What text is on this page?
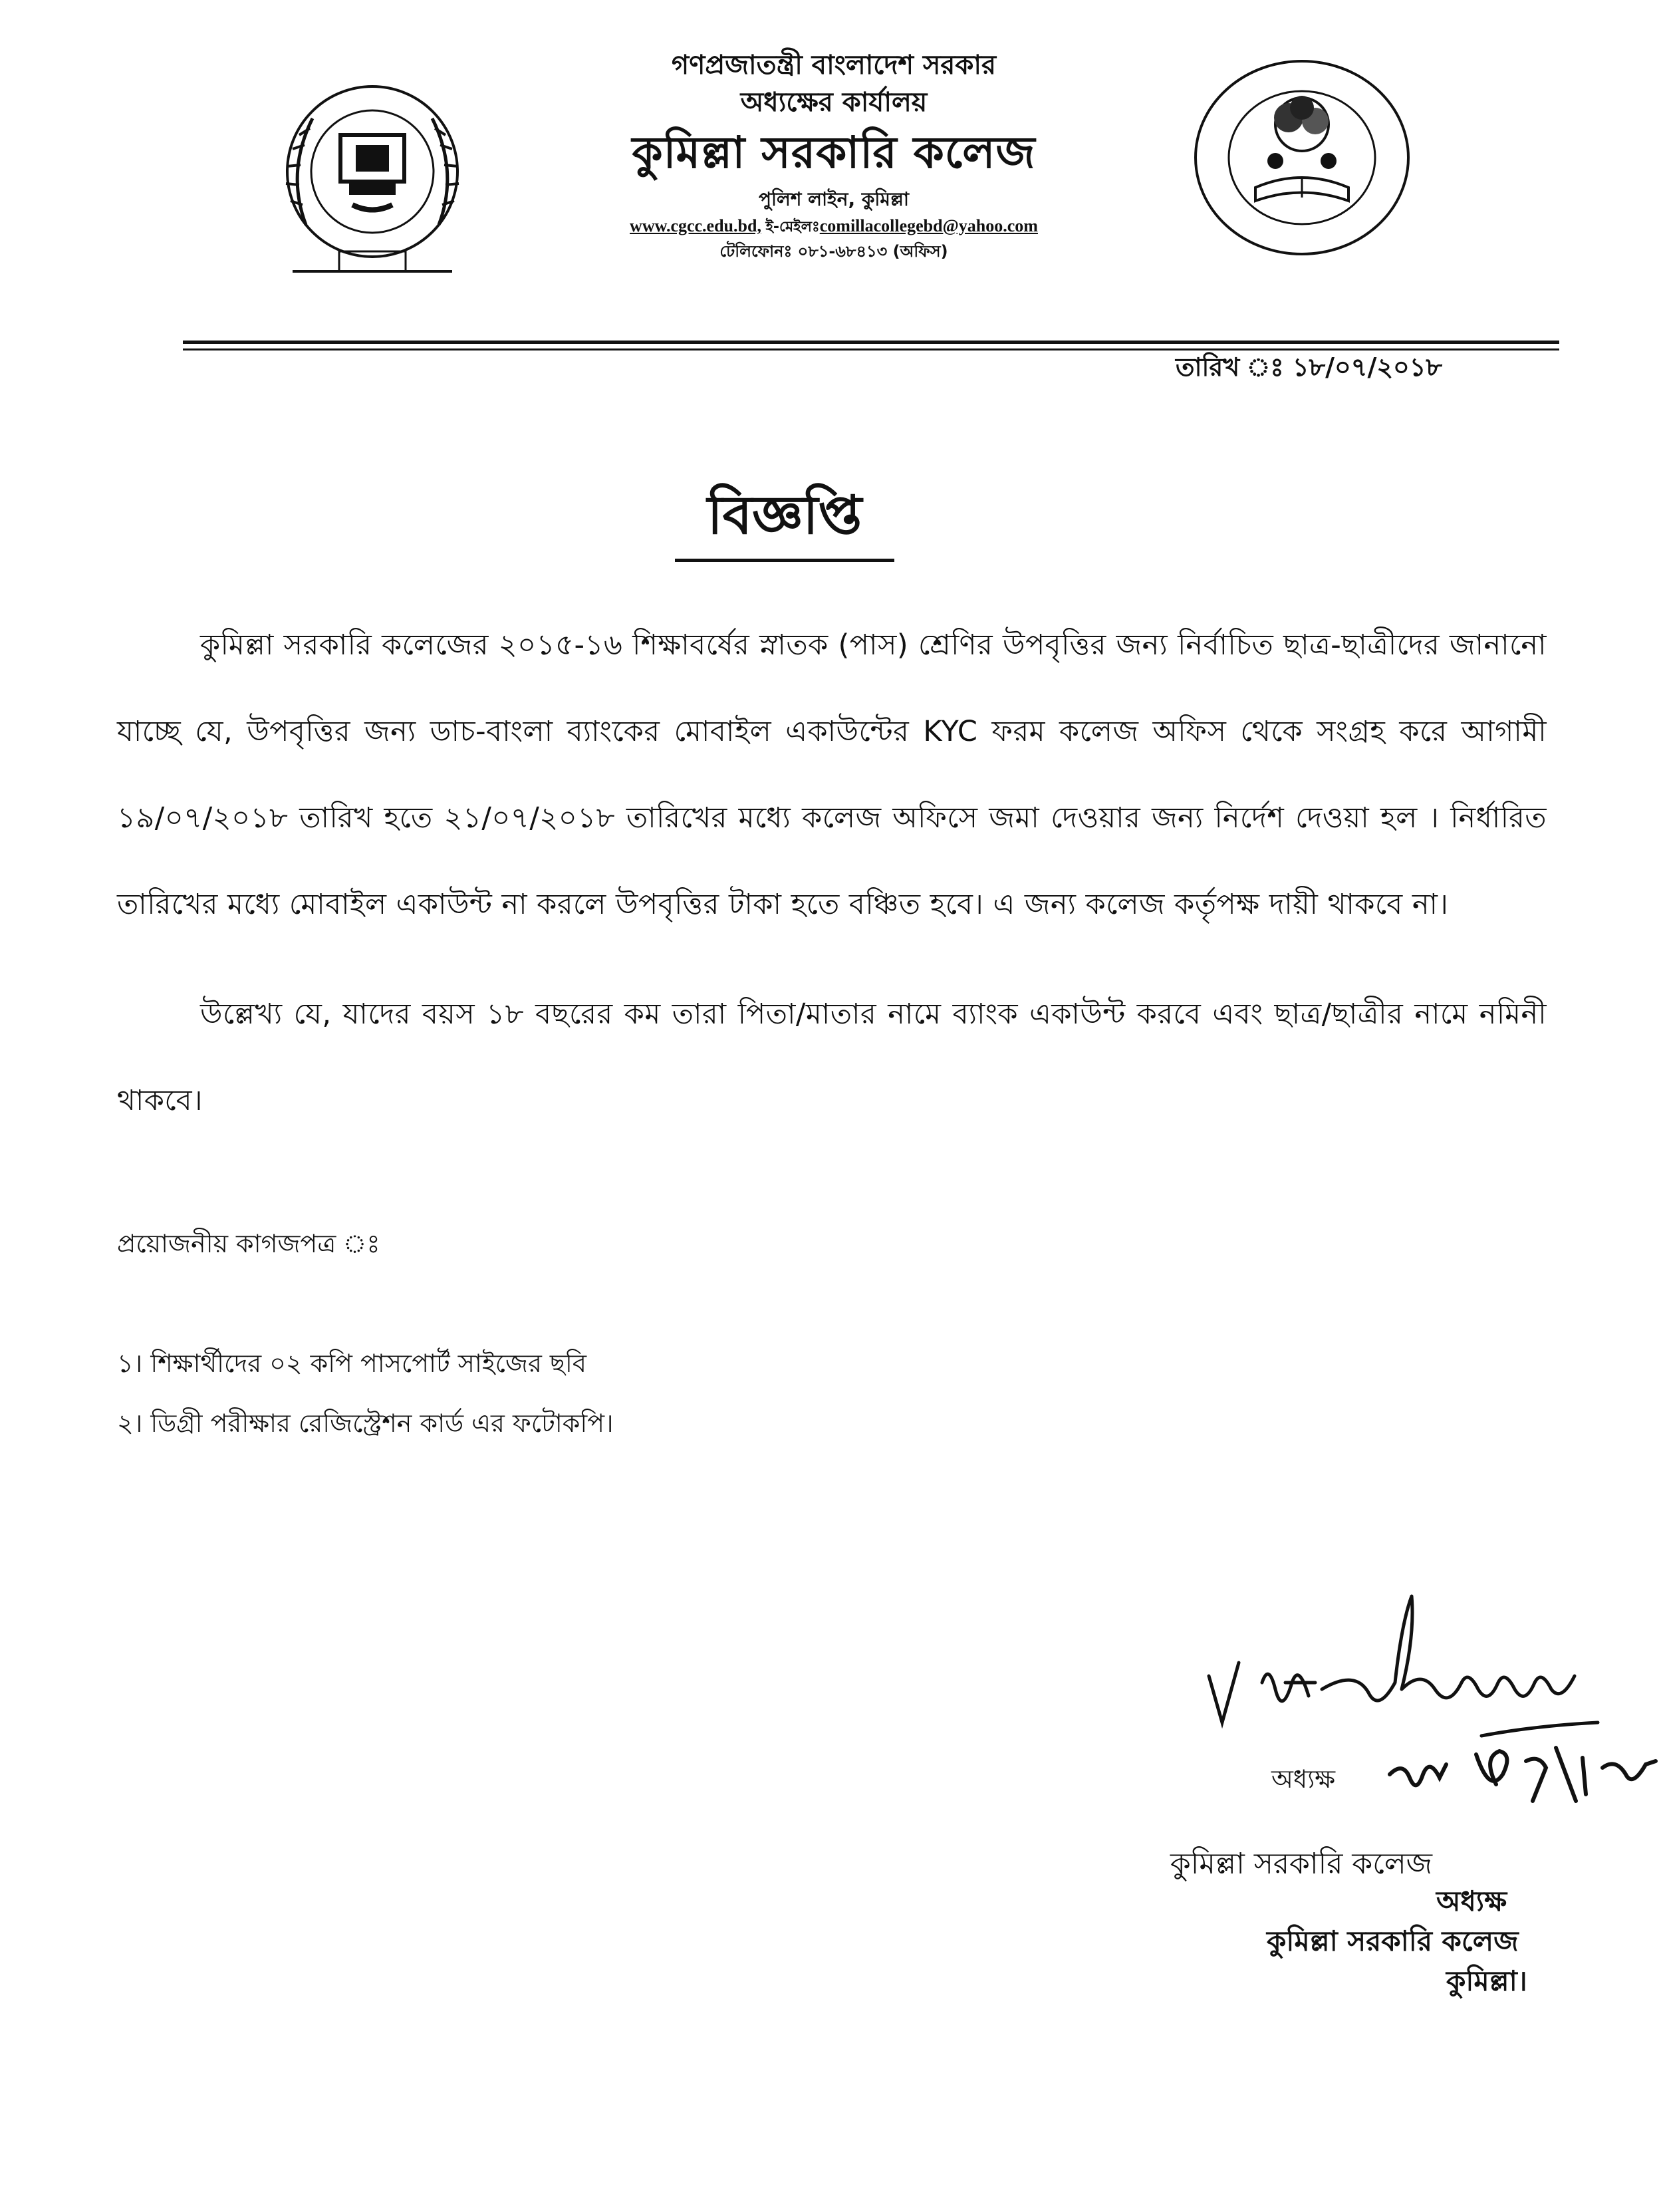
গণপ্রজাতন্ত্রী বাংলাদেশ সরকার
অধ্যক্ষের কার্যালয়
কুমিল্লা সরকারি কলেজ
পুলিশ লাইন, কুমিল্লা
www.cgcc.edu.bd, ই-মেইলঃcomillacollegebd@yahoo.com
টেলিফোনঃ ০৮১-৬৮৪১৩ (অফিস)
তারিখ ঃ ১৮/০৭/২০১৮
বিজ্ঞপ্তি
কুমিল্লা সরকারি কলেজের ২০১৫-১৬ শিক্ষাবর্ষের স্নাতক (পাস) শ্রেণির উপবৃত্তির জন্য নির্বাচিত ছাত্র-ছাত্রীদের জানানো যাচ্ছে যে, উপবৃত্তির জন্য ডাচ-বাংলা ব্যাংকের মোবাইল একাউন্টের KYC ফরম কলেজ অফিস থেকে সংগ্রহ করে আগামী ১৯/০৭/২০১৮ তারিখ হতে ২১/০৭/২০১৮ তারিখের মধ্যে কলেজ অফিসে জমা দেওয়ার জন্য নির্দেশ দেওয়া হল । নির্ধারিত তারিখের মধ্যে মোবাইল একাউন্ট না করলে উপবৃত্তির টাকা হতে বঞ্চিত হবে। এ জন্য কলেজ কর্তৃপক্ষ দায়ী থাকবে না।
উল্লেখ্য যে, যাদের বয়স ১৮ বছরের কম তারা পিতা/মাতার নামে ব্যাংক একাউন্ট করবে এবং ছাত্র/ছাত্রীর নামে নমিনী থাকবে।
প্রয়োজনীয় কাগজপত্র ঃ
১। শিক্ষার্থীদের ০২ কপি পাসপোর্ট সাইজের ছবি
২। ডিগ্রী পরীক্ষার রেজিস্ট্রেশন কার্ড এর ফটোকপি।
অধ্যক্ষ
কুমিল্লা সরকারি কলেজ
অধ্যক্ষ
কুমিল্লা সরকারি কলেজ
কুমিল্লা।
